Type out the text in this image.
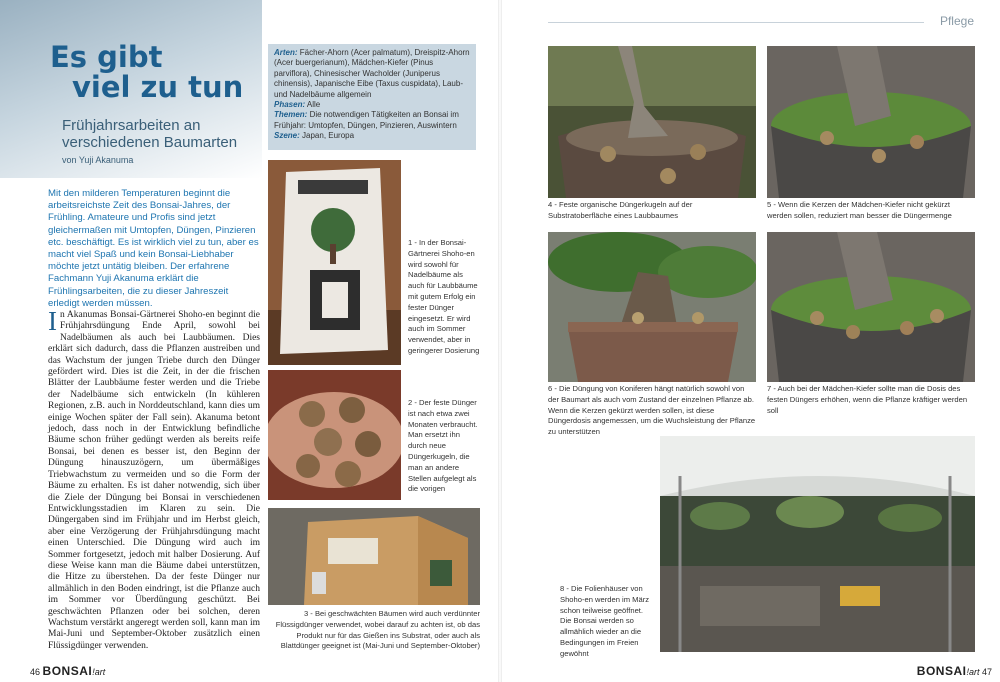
Es gibt
viel zu tun
Frühjahrsarbeiten an
verschiedenen Baumarten
von Yuji Akanuma

Mit den milderen Temperaturen beginnt die arbeitsreichste Zeit des Bonsai-Jahres, der Frühling. Amateure und Profis sind jetzt gleichermaßen mit Umtopfen, Düngen, Pinzieren etc. beschäftigt. Es ist wirklich viel zu tun, aber es macht viel Spaß und kein Bonsai-Liebhaber möchte jetzt untätig bleiben. Der erfahrene Fachmann Yuji Akanuma erklärt die Frühlingsarbeiten, die zu dieser Jahreszeit erledigt werden müssen.

In Akanumas Bonsai-Gärtnerei Shoho-en beginnt die Frühjahrsdüngung Ende April, sowohl bei Nadelbäumen als auch bei Laubbäumen. Dies erklärt sich dadurch, dass die Pflanzen austreiben und das Wachstum der jungen Triebe durch den Dünger gefördert wird. Dies ist die Zeit, in der die frischen Blätter der Laubbäume fester werden und die Triebe der Nadelbäume sich entwickeln (In kühleren Regionen, z.B. auch in Norddeutschland, kann dies um einige Wochen später der Fall sein). Akanuma betont jedoch, dass noch in der Entwicklung befindliche Bäume schon früher gedüngt werden als bereits reife Bonsai, bei denen es besser ist, den Beginn der Düngung hinauszuzögern, um übermäßiges Triebwachstum zu vermeiden und so die Form der Bäume zu erhalten. Es ist daher notwendig, sich über die Ziele der Düngung bei Bonsai in verschiedenen Entwicklungsstadien im Klaren zu sein. Die Düngergaben sind im Frühjahr und im Herbst gleich, aber eine Verzögerung der Frühjahrsdüngung macht einen Unterschied. Die Düngung wird auch im Sommer fortgesetzt, jedoch mit halber Dosierung. Auf diese Weise kann man die Bäume dabei unterstützen, die Hitze zu überstehen. Da der feste Dünger nur allmählich in den Boden eindringt, ist die Pflanze auch im Sommer vor Überdüngung geschützt. Bei geschwächten Pflanzen oder bei solchen, deren Wachstum verstärkt angeregt werden soll, kann man im Mai-Juni und September-Oktober zusätzlich einen Flüssigdünger verwenden.
Arten: Fächer-Ahorn (Acer palmatum), Dreispitz-Ahorn (Acer buergerianum), Mädchen-Kiefer (Pinus parviflora), Chinesischer Wacholder (Juniperus chinensis), Japanische Eibe (Taxus cuspidata), Laub- und Nadelbäume allgemein
Phasen: Alle
Themen: Die notwendigen Tätigkeiten an Bonsai im Frühjahr: Umtopfen, Düngen, Pinzieren, Auswintern
Szene: Japan, Europa
1 - In der Bonsai-Gärtnerei Shoho-en wird sowohl für Nadelbäume als auch für Laubbäume mit gutem Erfolg ein fester Dünger eingesetzt. Er wird auch im Sommer verwendet, aber in geringerer Dosierung
2 - Der feste Dünger ist nach etwa zwei Monaten verbraucht. Man ersetzt ihn durch neue Düngerkugeln, die man an andere Stellen aufgelegt als die vorigen
3 - Bei geschwächten Bäumen wird auch verdünnter Flüssigdünger verwendet, wobei darauf zu achten ist, ob das Produkt nur für das Gießen ins Substrat, oder auch als Blattdünger geeignet ist (Mai-Juni und September-Oktober)
46 BONSAI!art
Pflege
4 - Feste organische Düngerkugeln auf der Substratoberfläche eines Laubbaumes
5 - Wenn die Kerzen der Mädchen-Kiefer nicht gekürzt werden sollen, reduziert man besser die Düngermenge
6 - Die Düngung von Koniferen hängt natürlich sowohl von der Baumart als auch vom Zustand der einzelnen Pflanze ab. Wenn die Kerzen gekürzt werden sollen, ist diese Düngerdosis angemessen, um die Wuchsleistung der Pflanze zu unterstützen
7 - Auch bei der Mädchen-Kiefer sollte man die Dosis des festen Düngers erhöhen, wenn die Pflanze kräftiger werden soll
8 - Die Folienhäuser von Shoho-en werden im März schon teilweise geöffnet. Die Bonsai werden so allmählich wieder an die Bedingungen im Freien gewöhnt
BONSAI!art 47
